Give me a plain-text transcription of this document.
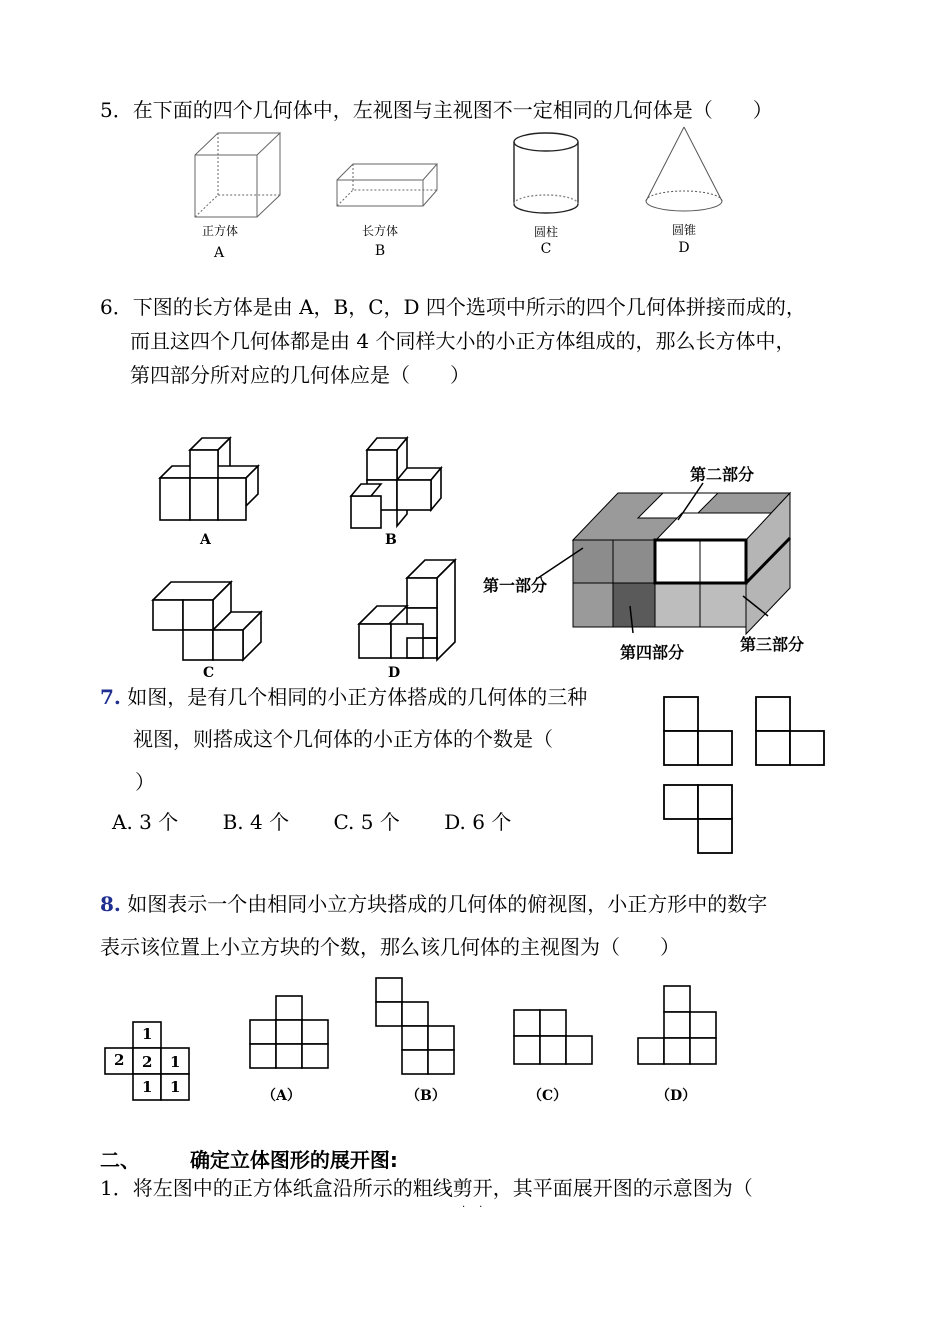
5．在下面的四个几何体中，左视图与主视图不一定相同的几何体是（　　）
正方体
A
长方体
B
圆柱
C
圆锥
D
6．下图的长方体是由 A，B，C，D 四个选项中所示的四个几何体拼接而成的，
而且这四个几何体都是由 4 个同样大小的小正方体组成的，那么长方体中，
第四部分所对应的几何体应是（　　）
A	B
C	D
第二部分
第一部分
第三部分
第四部分
7. 如图，是有几个相同的小正方体搭成的几何体的三种
视图，则搭成这个几何体的小正方体的个数是（
）
A. 3 个 B. 4 个 C. 5 个 D. 6 个
8. 如图表示一个由相同小立方块搭成的几何体的俯视图，小正方形中的数字
表示该位置上小立方块的个数，那么该几何体的主视图为（　　）
1
2 2 1
1 1	（A）	（B）	（C）	（D）
二、 确定立体图形的展开图:
1．将左图中的正方体纸盒沿所示的粗线剪开，其平面展开图的示意图为（
..
